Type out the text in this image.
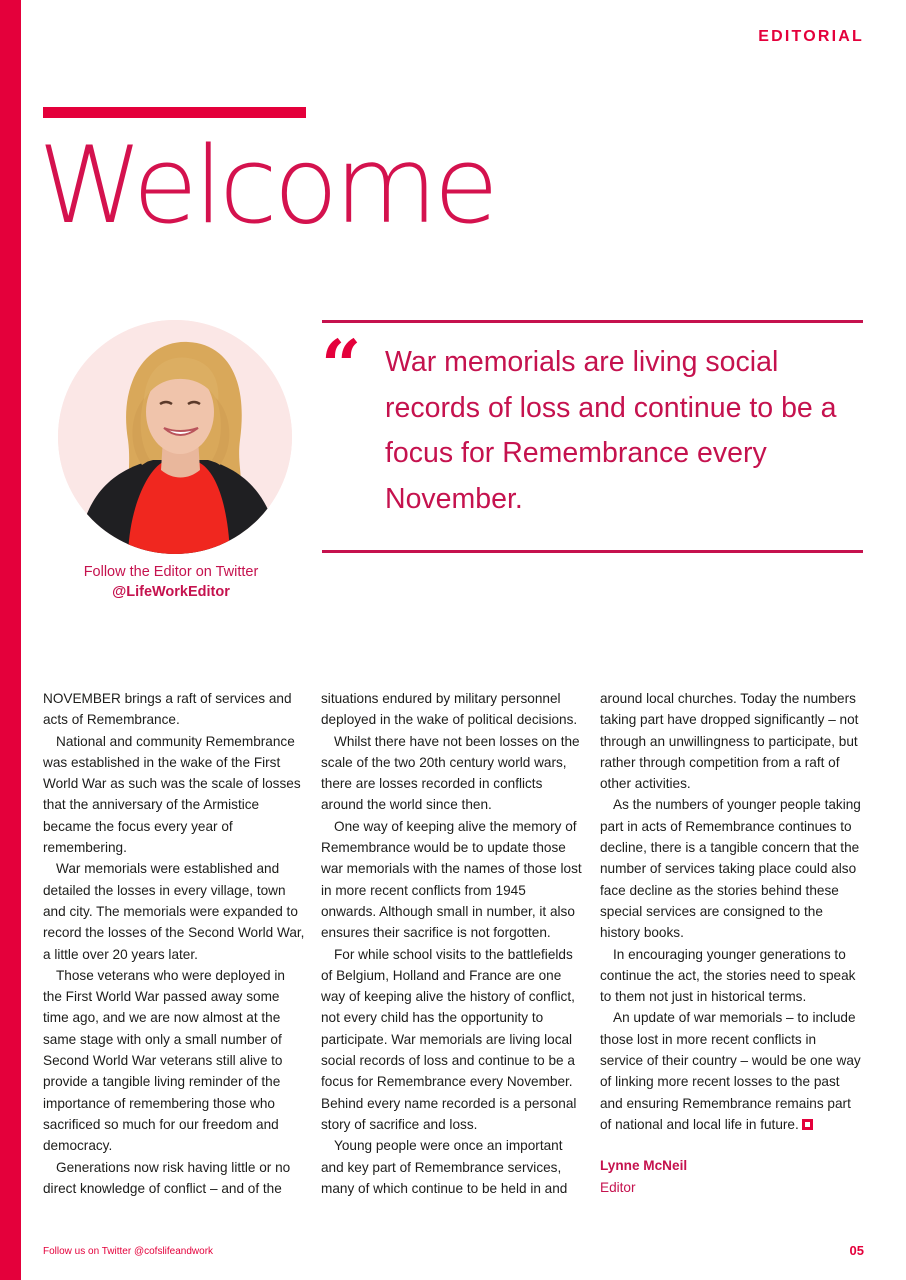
EDITORIAL
Welcome
Follow the Editor on Twitter
@LifeWorkEditor
“ War memorials are living social records of loss and continue to be a focus for Remembrance every November.

NOVEMBER brings a raft of services and acts of Remembrance.

National and community Remembrance was established in the wake of the First World War as such was the scale of losses that the anniversary of the Armistice became the focus every year of remembering.

War memorials were established and detailed the losses in every village, town and city. The memorials were expanded to record the losses of the Second World War, a little over 20 years later.

Those veterans who were deployed in the First World War passed away some time ago, and we are now almost at the same stage with only a small number of Second World War veterans still alive to provide a tangible living reminder of the importance of remembering those who sacrificed so much for our freedom and democracy.

Generations now risk having little or no direct knowledge of conflict – and of the

situations endured by military personnel deployed in the wake of political decisions.

Whilst there have not been losses on the scale of the two 20th century world wars, there are losses recorded in conflicts around the world since then.

One way of keeping alive the memory of Remembrance would be to update those war memorials with the names of those lost in more recent conflicts from 1945 onwards. Although small in number, it also ensures their sacrifice is not forgotten.

For while school visits to the battlefields of Belgium, Holland and France are one way of keeping alive the history of conflict, not every child has the opportunity to participate. War memorials are living local social records of loss and continue to be a focus for Remembrance every November. Behind every name recorded is a personal story of sacrifice and loss.

Young people were once an important and key part of Remembrance services, many of which continue to be held in and

around local churches. Today the numbers taking part have dropped significantly – not through an unwillingness to participate, but rather through competition from a raft of other activities.

As the numbers of younger people taking part in acts of Remembrance continues to decline, there is a tangible concern that the number of services taking place could also face decline as the stories behind these special services are consigned to the history books.

In encouraging younger generations to continue the act, the stories need to speak to them not just in historical terms.

An update of war memorials – to include those lost in more recent conflicts in service of their country – would be one way of linking more recent losses to the past and ensuring Remembrance remains part of national and local life in future.

Lynne McNeil
Editor
Follow us on Twitter @cofslifeandwork	05
